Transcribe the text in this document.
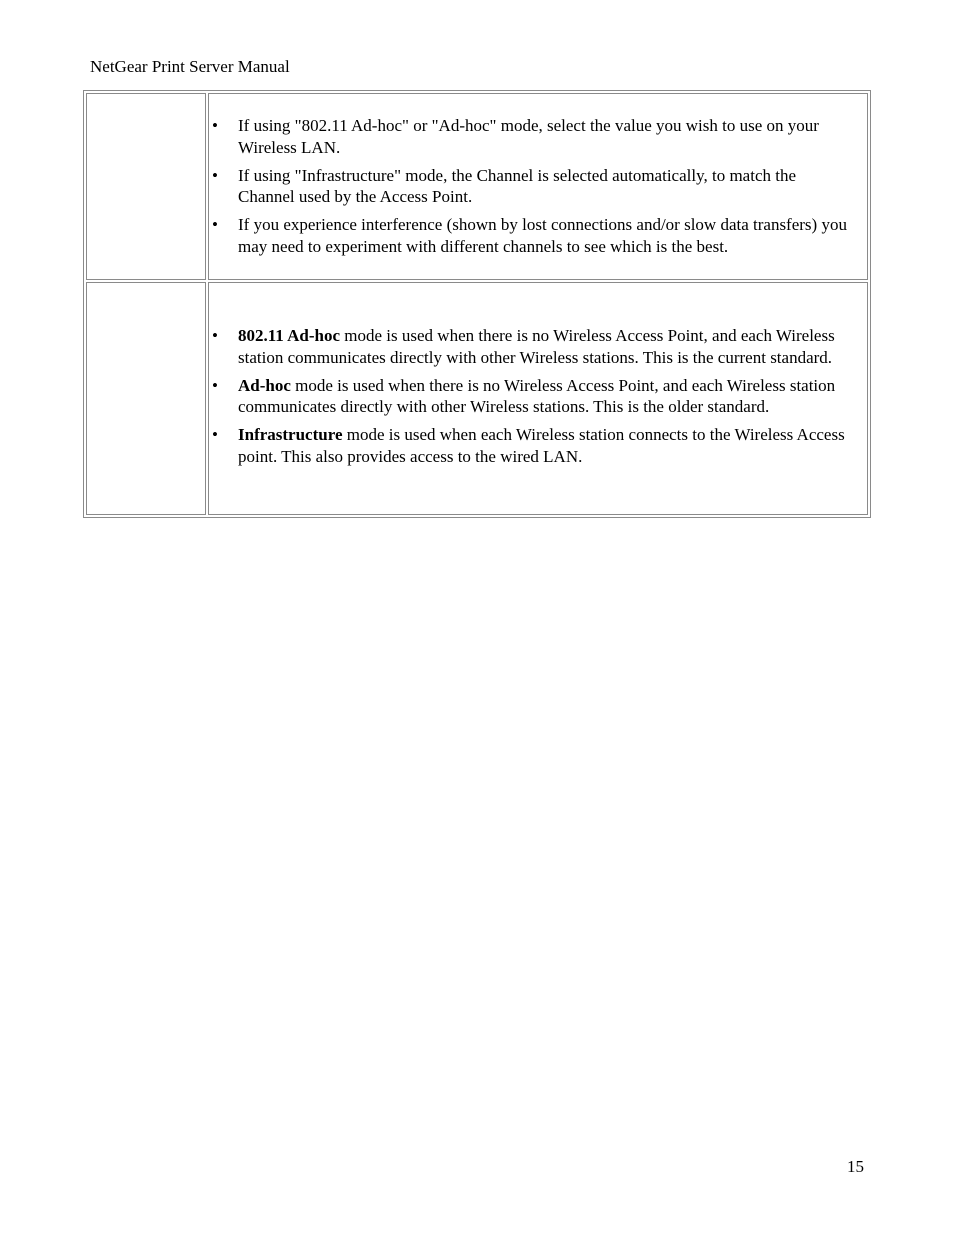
NetGear Print Server Manual
• If using "802.11 Ad-hoc" or "Ad-hoc" mode, select the value you wish to use on your Wireless LAN.
• If using "Infrastructure" mode, the Channel is selected automatically, to match the Channel used by the Access Point.
• If you experience interference (shown by lost connections and/or slow data transfers) you may need to experiment with different channels to see which is the best.
• 802.11 Ad-hoc mode is used when there is no Wireless Access Point, and each Wireless station communicates directly with other Wireless stations. This is the current standard.
• Ad-hoc mode is used when there is no Wireless Access Point, and each Wireless station communicates directly with other Wireless stations. This is the older standard.
• Infrastructure mode is used when each Wireless station connects to the Wireless Access point. This also provides access to the wired LAN.
15
